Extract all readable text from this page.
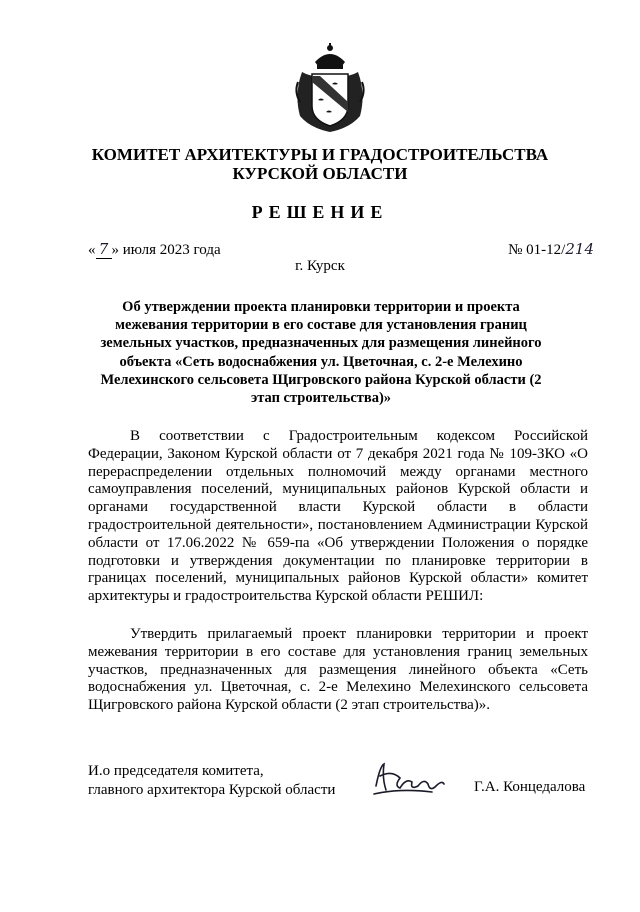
КОМИТЕТ АРХИТЕКТУРЫ И ГРАДОСТРОИТЕЛЬСТВА
КУРСКОЙ ОБЛАСТИ
РЕШЕНИЕ
« 7 » июля 2023 года	№ 01-12/214
г. Курск
Об утверждении проекта планировки территории и проекта межевания территории в его составе для установления границ земельных участков, предназначенных для размещения линейного объекта «Сеть водоснабжения ул. Цветочная, с. 2-е Мелехино Мелехинского сельсовета Щигровского района Курской области (2 этап строительства)»
В соответствии с Градостроительным кодексом Российской Федерации, Законом Курской области от 7 декабря 2021 года № 109-ЗКО «О перераспределении отдельных полномочий между органами местного самоуправления поселений, муниципальных районов Курской области и органами государственной власти Курской области в области градостроительной деятельности», постановлением Администрации Курской области от 17.06.2022 № 659-па «Об утверждении Положения о порядке подготовки и утверждения документации по планировке территории в границах поселений, муниципальных районов Курской области» комитет архитектуры и градостроительства Курской области РЕШИЛ:
Утвердить прилагаемый проект планировки территории и проект межевания территории в его составе для установления границ земельных участков, предназначенных для размещения линейного объекта «Сеть водоснабжения ул. Цветочная, с. 2-е Мелехино Мелехинского сельсовета Щигровского района Курской области (2 этап строительства)».
И.о председателя комитета,
главного архитектора Курской области	Г.А. Концедалова
